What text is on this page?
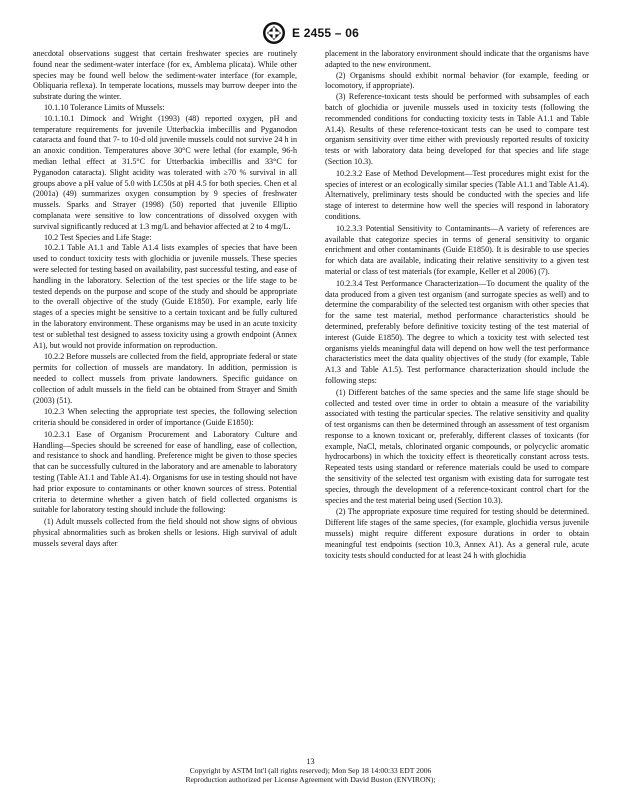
E 2455 – 06

anecdotal observations suggest that certain freshwater species are routinely found near the sediment-water interface (for ex, Amblema plicata). While other species may be found well below the sediment-water interface (for example, Obliquaria reflexa). In temperate locations, mussels may burrow deeper into the substrate during the winter.

10.1.10 Tolerance Limits of Mussels:

10.1.10.1 Dimock and Wright (1993) (48) reported oxygen, pH and temperature requirements for juvenile Utterbackia imbecillis and Pyganodon cataracta and found that 7- to 10-d old juvenile mussels could not survive 24 h in an anoxic condition. Temperatures above 30°C were lethal (for example, 96-h median lethal effect at 31.5°C for Utterbackia imbecillis and 33°C for Pyganodon cataracta). Slight acidity was tolerated with ≥70 % survival in all groups above a pH value of 5.0 with LC50s at pH 4.5 for both species. Chen et al (2001a) (49) summarizes oxygen consumption by 9 species of freshwater mussels. Sparks and Strayer (1998) (50) reported that juvenile Elliptio complanata were sensitive to low concentrations of dissolved oxygen with survival significantly reduced at 1.3 mg/L and behavior affected at 2 to 4 mg/L.

10.2 Test Species and Life Stage:

10.2.1 Table A1.1 and Table A1.4 lists examples of species that have been used to conduct toxicity tests with glochidia or juvenile mussels. These species were selected for testing based on availability, past successful testing, and ease of handling in the laboratory. Selection of the test species or the life stage to be tested depends on the purpose and scope of the study and should be appropriate to the overall objective of the study (Guide E1850). For example, early life stages of a species might be sensitive to a certain toxicant and be fully cultured in the laboratory environment. These organisms may be used in an acute toxicity test or sublethal test designed to assess toxicity using a growth endpoint (Annex A1), but would not provide information on reproduction.

10.2.2 Before mussels are collected from the field, appropriate federal or state permits for collection of mussels are mandatory. In addition, permission is needed to collect mussels from private landowners. Specific guidance on collection of adult mussels in the field can be obtained from Strayer and Smith (2003) (51).

10.2.3 When selecting the appropriate test species, the following selection criteria should be considered in order of importance (Guide E1850):

10.2.3.1 Ease of Organism Procurement and Laboratory Culture and Handling—Species should be screened for ease of handling, ease of collection, and resistance to shock and handling. Preference might be given to those species that can be successfully cultured in the laboratory and are amenable to laboratory testing (Table A1.1 and Table A1.4). Organisms for use in testing should not have had prior exposure to contaminants or other known sources of stress. Potential criteria to determine whether a given batch of field collected organisms is suitable for laboratory testing should include the following:

(1) Adult mussels collected from the field should not show signs of obvious physical abnormalities such as broken shells or lesions. High survival of adult mussels several days after

placement in the laboratory environment should indicate that the organisms have adapted to the new environment.

(2) Organisms should exhibit normal behavior (for example, feeding or locomotory, if appropriate).

(3) Reference-toxicant tests should be performed with subsamples of each batch of glochidia or juvenile mussels used in toxicity tests (following the recommended conditions for conducting toxicity tests in Table A1.1 and Table A1.4). Results of these reference-toxicant tests can be used to compare test organism sensitivity over time either with previously reported results of toxicity tests or with laboratory data being developed for that species and life stage (Section 10.3).

10.2.3.2 Ease of Method Development—Test procedures might exist for the species of interest or an ecologically similar species (Table A1.1 and Table A1.4). Alternatively, preliminary tests should be conducted with the species and life stage of interest to determine how well the species will respond in laboratory conditions.

10.2.3.3 Potential Sensitivity to Contaminants—A variety of references are available that categorize species in terms of general sensitivity to organic enrichment and other contaminants (Guide E1850). It is desirable to use species for which data are available, indicating their relative sensitivity to a given test material or class of test materials (for example, Keller et al 2006) (7).

10.2.3.4 Test Performance Characterization—To document the quality of the data produced from a given test organism (and surrogate species as well) and to determine the comparability of the selected test organism with other species that for the same test material, method performance characteristics should be determined, preferably before definitive toxicity testing of the test material of interest (Guide E1850). The degree to which a toxicity test with selected test organisms yields meaningful data will depend on how well the test performance characteristics meet the data quality objectives of the study (for example, Table A1.3 and Table A1.5). Test performance characterization should include the following steps:

(1) Different batches of the same species and the same life stage should be collected and tested over time in order to obtain a measure of the variability associated with testing the particular species. The relative sensitivity and quality of test organisms can then be determined through an assessment of test organism response to a known toxicant or, preferably, different classes of toxicants (for example, NaCl, metals, chlorinated organic compounds, or polycyclic aromatic hydrocarbons) in which the toxicity effect is theoretically constant across tests. Repeated tests using standard or reference materials could be used to compare the sensitivity of the selected test organism with existing data for surrogate test species, through the development of a reference-toxicant control chart for the species and the test material being used (Section 10.3).

(2) The appropriate exposure time required for testing should be determined. Different life stages of the same species, (for example, glochidia versus juvenile mussels) might require different exposure durations in order to obtain meaningful test endpoints (section 10.3, Annex A1). As a general rule, acute toxicity tests should conducted for at least 24 h with glochidia

13
Copyright by ASTM Int'l (all rights reserved); Mon Sep 18 14:00:33 EDT 2006
Reproduction authorized per License Agreement with David Buston (ENVIRON);
